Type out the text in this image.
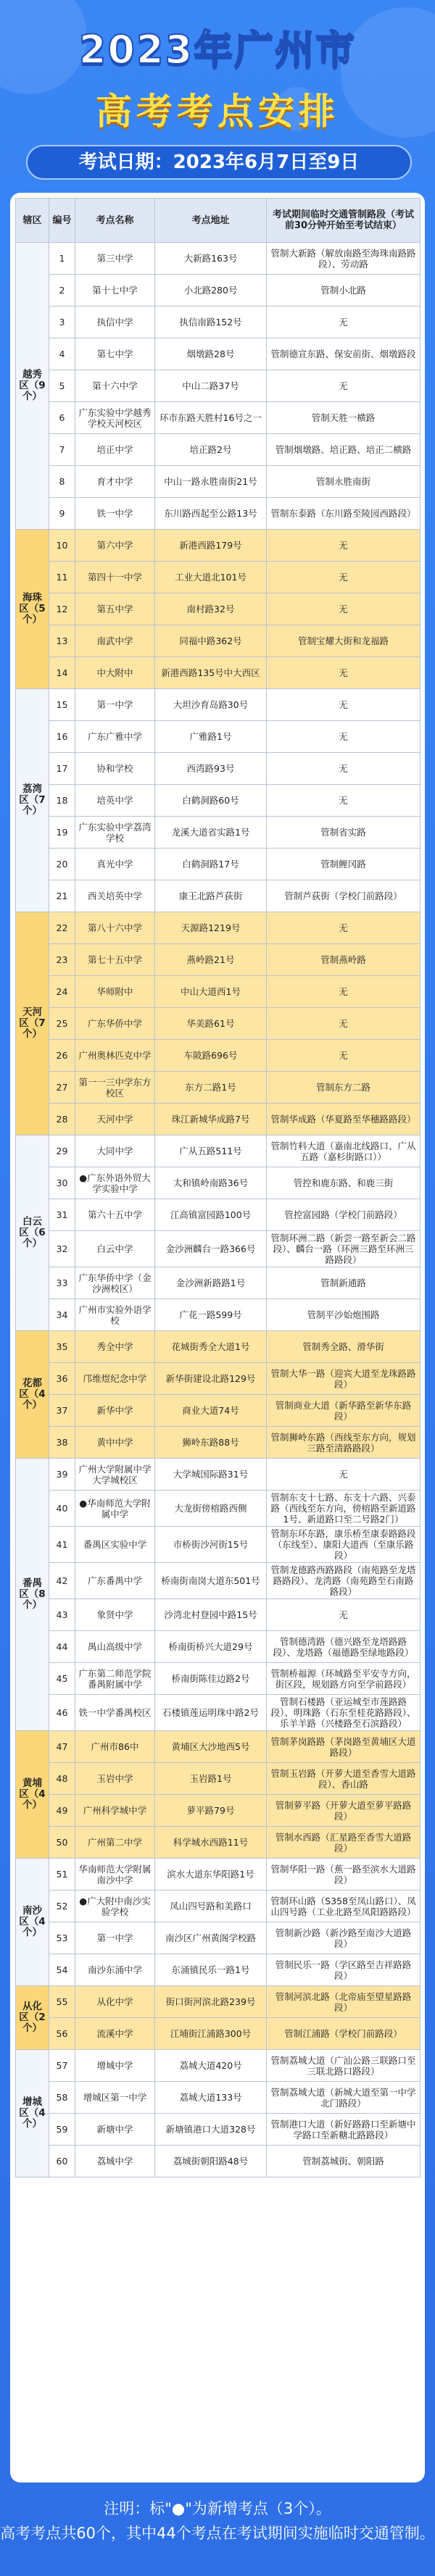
2023年广州市
高考考点安排
考试日期：2023年6月7日至9日
辖区	编号	考点名称	考点地址	考试期间临时交通管制路段（考试前30分钟开始至考试结束）
越秀区（9个）	1	第三中学	大新路163号	管制大新路（解放南路至海珠南路路段）、劳动路
	2	第十七中学	小北路280号	管制小北路
	3	执信中学	执信南路152号	无
	4	第七中学	烟墩路28号	管制德宣东路、保安前街、烟墩路段
	5	第十六中学	中山二路37号	无
	6	广东实验中学越秀学校天河校区	环市东路天胜村16号之一	管制天胜一横路
	7	培正中学	培正路2号	管制烟墩路、培正路、培正二横路
	8	育才中学	中山一路永胜南街21号	管制永胜南街
	9	铁一中学	东川路西起至公路13号	管制东泰路（东川路至陵园西路段）
海珠区（5个）	10	第六中学	新港西路179号	无
	11	第四十一中学	工业大道北101号	无
	12	第五中学	南村路32号	无
	13	南武中学	同福中路362号	管制宝耀大街和龙福路
	14	中大附中	新港西路135号中大西区	无
荔湾区（7个）	15	第一中学	大坦沙育岛路30号	无
	16	广东广雅中学	广雅路1号	无
	17	协和学校	西湾路93号	无
	18	培英中学	白鹤洞路60号	无
	19	广东实验中学荔湾学校	龙溪大道省实路1号	管制省实路
	20	真光中学	白鹤洞路17号	管制鲤冈路
	21	西关培英中学	康王北路芦荻街	管制芦荻街（学校门前路段）
天河区（7个）	22	第八十六中学	天源路1219号	无
	23	第七十五中学	燕岭路21号	管制燕岭路
	24	华师附中	中山大道西1号	无
	25	广东华侨中学	华美路61号	无
	26	广州奥林匹克中学	车陂路696号	无
	27	第一一三中学东方校区	东方二路1号	管制东方二路
	28	天河中学	珠江新城华成路7号	管制华成路（华夏路至华穗路路段）
白云区（6个）	29	大同中学	广从五路511号	管制竹料大道（嘉南北线路口、广从五路（嘉杉街路口））
	30	●广东外语外贸大学实验中学	太和镇岭南路36号	管控和鹿东路、和鹿三街
	31	第六十五中学	江高镇富园路100号	管控富园路（学校门前路段）
	32	白云中学	金沙洲麟台一路366号	管制环洲二路（新尝一路至新会二路段）、麟台一路（环洲三路至环洲三路路段）
	33	广东华侨中学（金沙洲校区）	金沙洲新路路1号	管制新通路
	34	广州市实验外语学校	广花一路599号	管制平沙始炮围路
花都区（4个）	35	秀全中学	花城街秀全大道1号	管制秀全路、滑华街
	36	邝维煜纪念中学	新华街建设北路129号	管制大华一路（迎宾大道至龙珠路路段）
	37	新华中学	商业大道74号	管制商业大道（新华路至新华东路段）
	38	黄中中学	狮岭东路88号	管制狮岭东路（西线至东方向，规划三路至清路路段）
番禺区（8个）	39	广州大学附属中学大学城校区	大学城国际路31号	无
	40	●华南师范大学附属中学	大龙街傍榕路西侧	管制东支十七路、东支十六路、兴泰路（西线至东方向，傍榕路至新道路1号、新道路口至二号路2门）
	41	番禺区实验中学	市桥街沙河街15号	管制东环东路，康乐桥至康泰路路段（东线至）、康阳大道西（至康乐路段）
	42	广东番禺中学	桥南街南岗大道东501号	管制龙德路西路路段（南苑路至龙塔路路段）、龙湾路（南苑路至石南路路段）
	43	象贤中学	沙湾北村登园中路15号	无
	44	禺山高级中学	桥南街桥兴大道29号	管制德湾路（德兴路至龙塔路路段）、龙塔路（福德路至绿地路段）
	45	广东第二师范学院番禺附属中学	桥南街陈佳边路2号	管制桥福源（环城路至平安寺方向，街区段，规划路方向至学前路段）
	46	铁一中学番禺校区	石楼镇莲运明珠中路2号	管制石楼路（亚运城至市莲路路段）、明珠路（石东至桂花路路段）、乐羊羊路（兴楼路至石滨路段）
黄埔区（4个）	47	广州市86中	黄埔区大沙地西5号	管制茅岗路路（茅岗路至黄埔区大道路段）
	48	玉岩中学	玉岩路1号	管制玉岩路（开萝大道至香雪大道路段）、香山路
	49	广州科学城中学	萝平路79号	管制萝平路（开萝大道至萝平路路段）
	50	广州第二中学	科学城水西路11号	管制水西路（汇星路至香雪大道路段）
南沙区（4个）	51	华南师范大学附属南沙中学	滨水大道东华阳路1号	管制华阳一路（蕉一路至滨水大道路段）
	52	●广大附中南沙实验学校	凤山四号路和美路口	管制环山路（S358至凤山路口）、凤山四号路（工业北路至凤阳路路段）
	53	第一中学	南沙区广州黄阁学校路	管制新沙路（新沙路至南沙大道路段）
	54	南沙东涌中学	东涌镇民乐一路1号	管制民乐一路（学区路至吉祥路路段）
从化区（2个）	55	从化中学	街口街河滨北路239号	管制河滨北路（北帝庙至望星路路段）
	56	流溪中学	江埔街江浦路300号	管制江浦路（学校门前路段）
增城区（4个）	57	增城中学	荔城大道420号	管制荔城大道（广汕公路三联路口至三联北路口路段）
	58	增城区第一中学	荔城大道133号	管制荔城大道（新城大道至第一中学北门路段）
	59	新塘中学	新塘镇港口大道328号	管制港口大道（新好路路口至新塘中学路口至新糖北路路段）
	60	荔城中学	荔城街朝阳路48号	管制荔城街、朝阳路
注明：标"●"为新增考点（3个）。
高考考点共60个，其中44个考点在考试期间实施临时交通管制。
